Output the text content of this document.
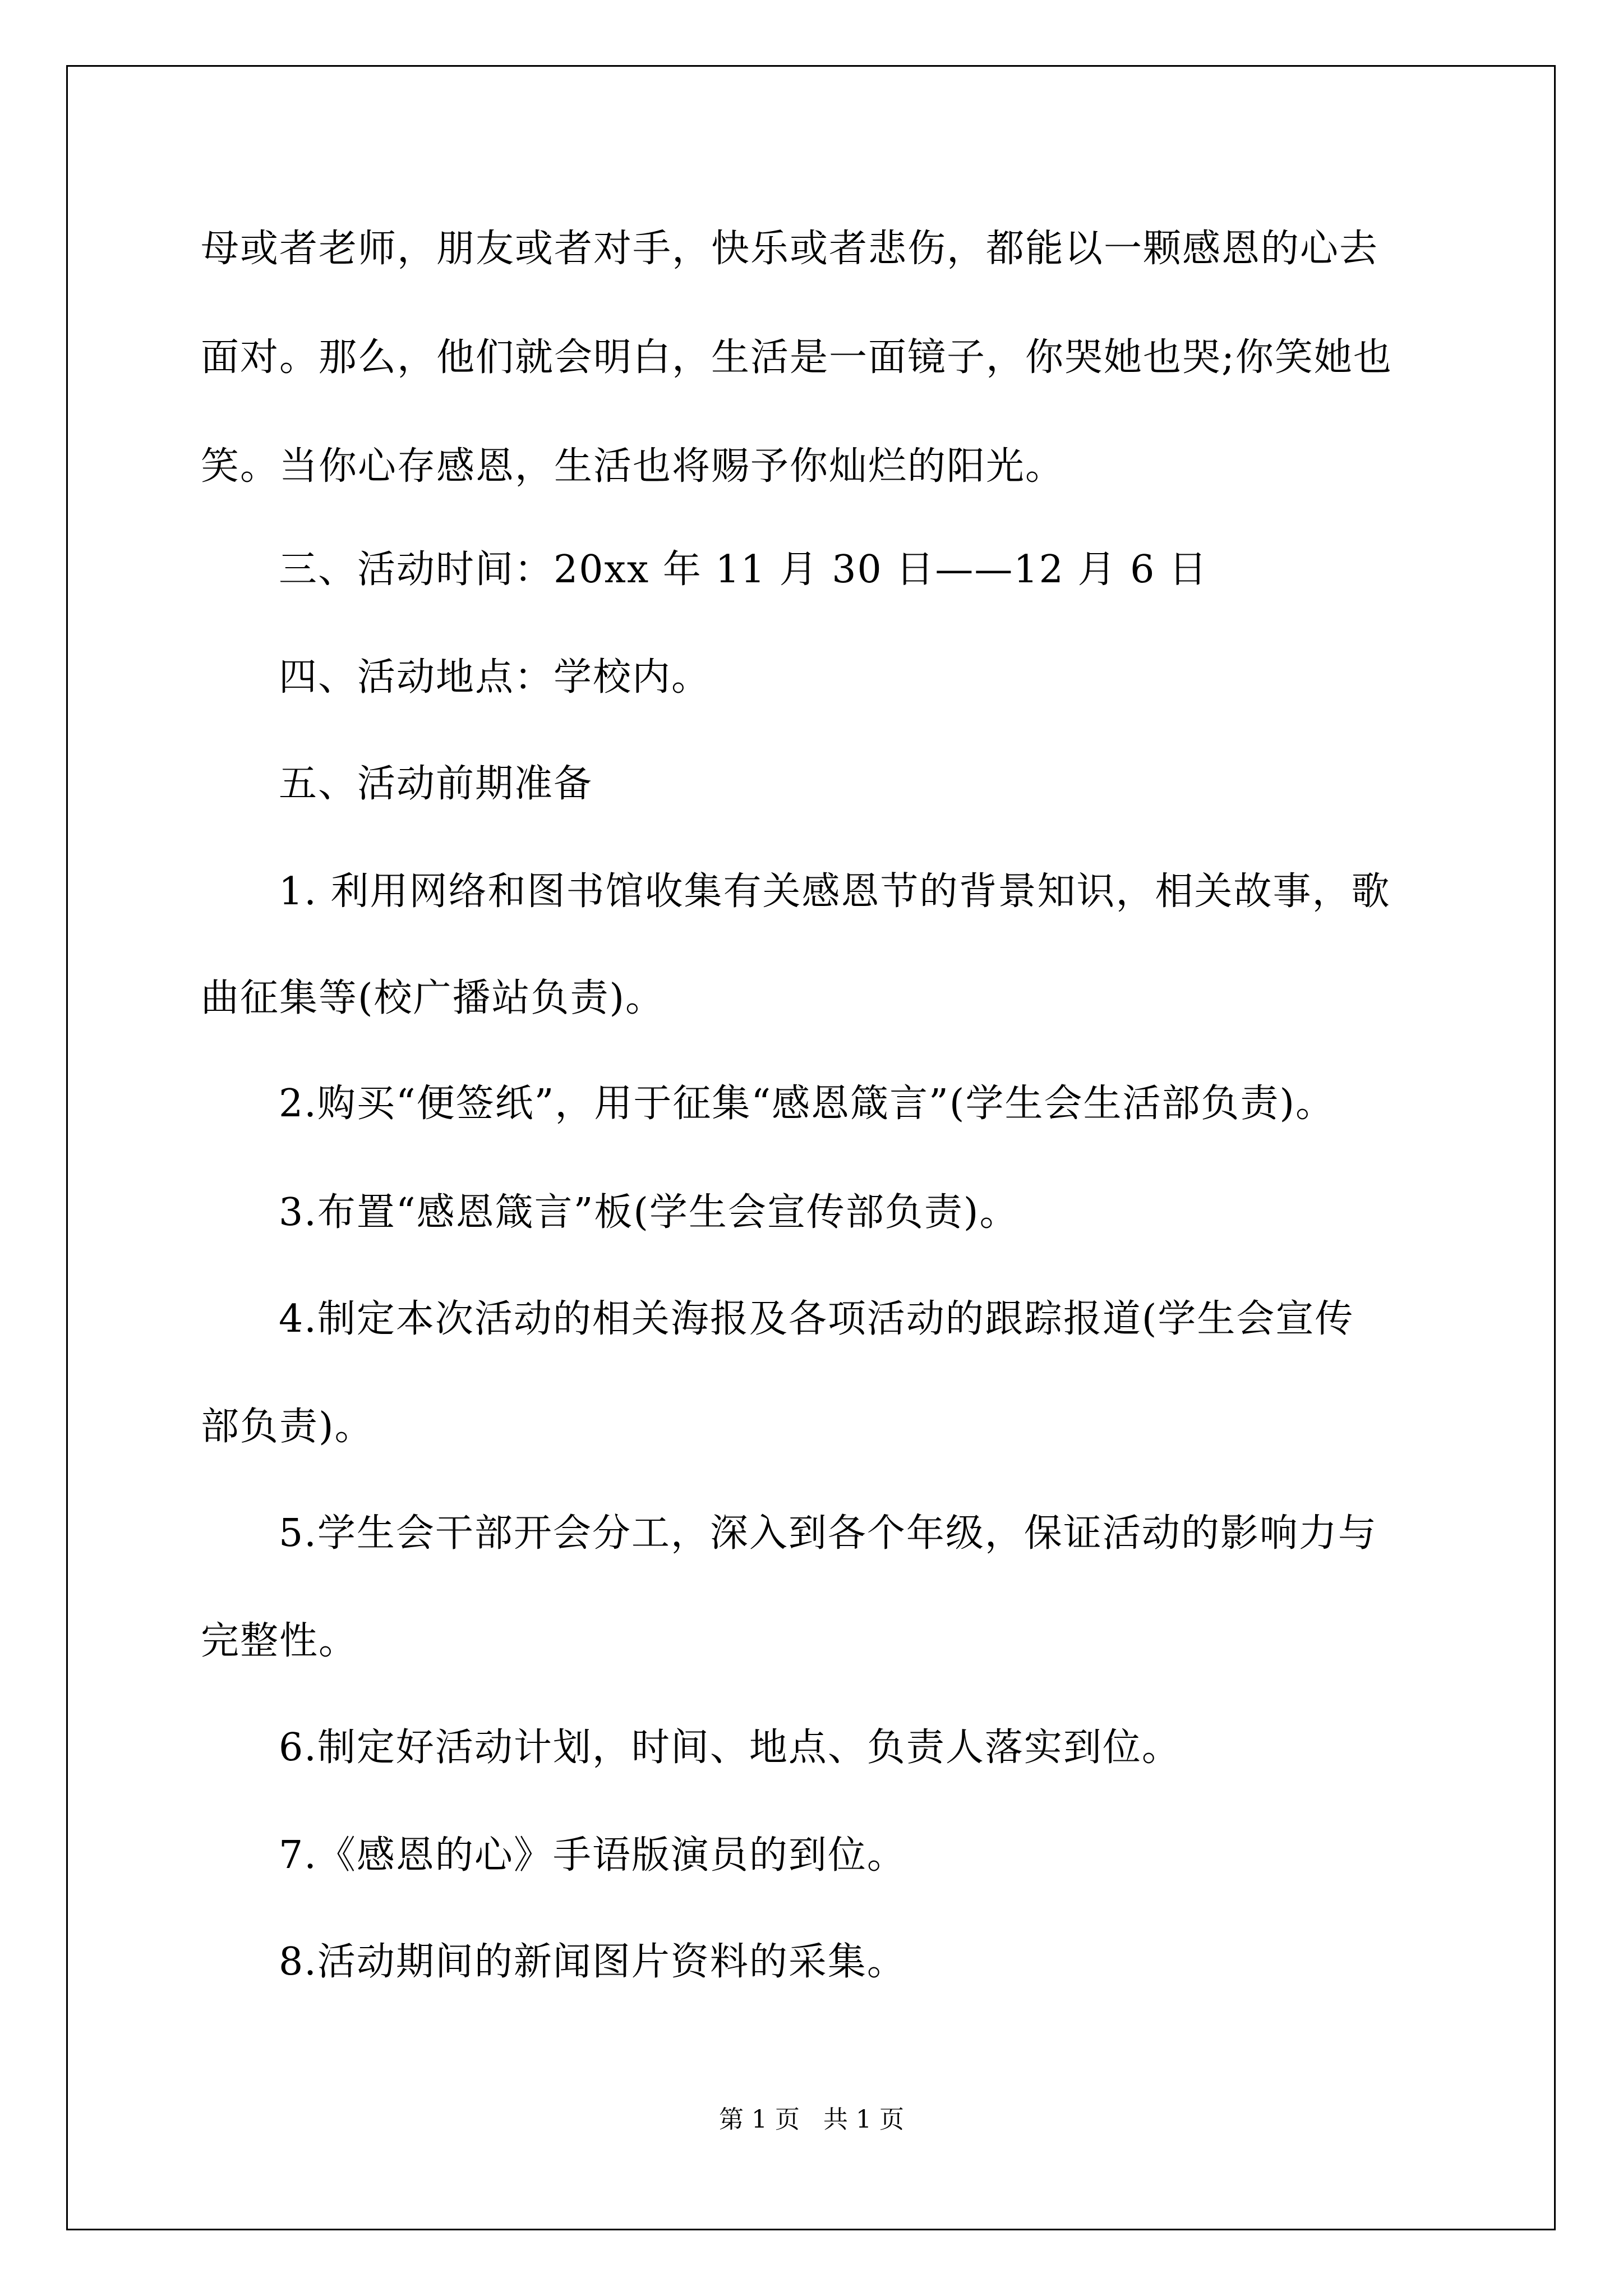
母或者老师，朋友或者对手，快乐或者悲伤，都能以一颗感恩的心去
面对。那么，他们就会明白，生活是一面镜子，你哭她也哭;你笑她也
笑。当你心存感恩，生活也将赐予你灿烂的阳光。
三、活动时间：20xx 年 11 月 30 日——12 月 6 日
四、活动地点：学校内。
五、活动前期准备
1. 利用网络和图书馆收集有关感恩节的背景知识，相关故事，歌
曲征集等(校广播站负责)。
2.购买“便签纸”，用于征集“感恩箴言”(学生会生活部负责)。
3.布置“感恩箴言”板(学生会宣传部负责)。
4.制定本次活动的相关海报及各项活动的跟踪报道(学生会宣传
部负责)。
5.学生会干部开会分工，深入到各个年级，保证活动的影响力与
完整性。
6.制定好活动计划，时间、地点、负责人落实到位。
7.《感恩的心》手语版演员的到位。
8.活动期间的新闻图片资料的采集。
第 1 页   共 1 页
